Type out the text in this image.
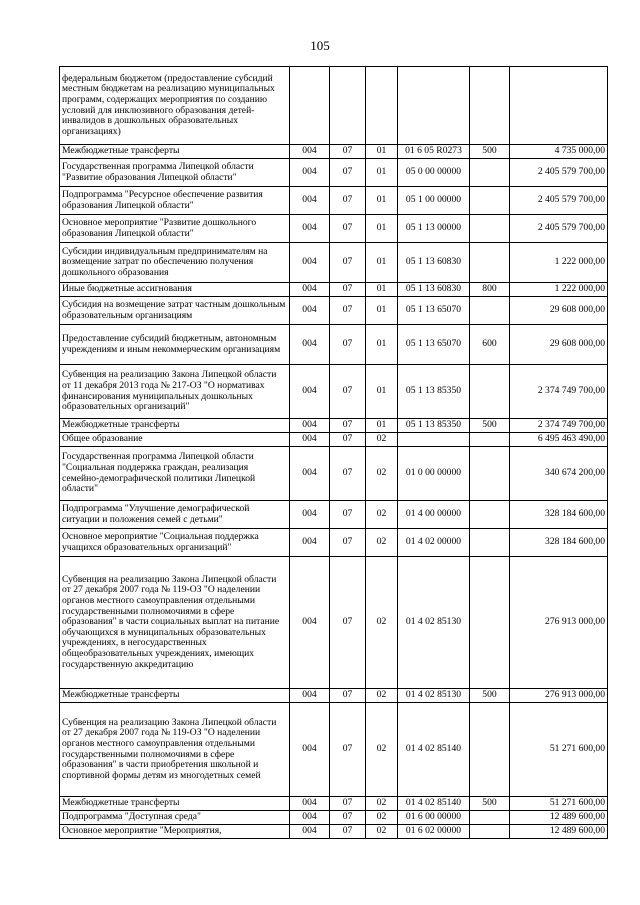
105
федеральным бюджетом (предоставление субсидий местным бюджетам на реализацию муниципальных программ, содержащих мероприятия по созданию условий для инклюзивного образования детей-инвалидов в дошкольных образовательных организациях)						
Межбюджетные трансферты	004	07	01	01 6 05 R0273	500	4 735 000,00
Государственная программа Липецкой области "Развитие образования Липецкой области"	004	07	01	05 0 00 00000		2 405 579 700,00
Подпрограмма "Ресурсное обеспечение развития образования Липецкой области"	004	07	01	05 1 00 00000		2 405 579 700,00
Основное мероприятие "Развитие дошкольного образования Липецкой области"	004	07	01	05 1 13 00000		2 405 579 700,00
Субсидии индивидуальным предпринимателям на возмещение затрат по обеспечению получения дошкольного образования	004	07	01	05 1 13 60830		1 222 000,00
Иные бюджетные ассигнования	004	07	01	05 1 13 60830	800	1 222 000,00
Субсидия на возмещение затрат частным дошкольным образовательным организациям	004	07	01	05 1 13 65070		29 608 000,00
Предоставление субсидий бюджетным, автономным учреждениям и иным некоммерческим организациям	004	07	01	05 1 13 65070	600	29 608 000,00
Субвенция на реализацию Закона Липецкой области от 11 декабря 2013 года № 217-ОЗ "О нормативах финансирования муниципальных дошкольных образовательных организаций"	004	07	01	05 1 13 85350		2 374 749 700,00
Межбюджетные трансферты	004	07	01	05 1 13 85350	500	2 374 749 700,00
Общее образование	004	07	02			6 495 463 490,00
Государственная программа Липецкой области "Социальная поддержка граждан, реализация семейно-демографической политики Липецкой области"	004	07	02	01 0 00 00000		340 674 200,00
Подпрограмма "Улучшение демографической ситуации и положения семей с детьми"	004	07	02	01 4 00 00000		328 184 600,00
Основное мероприятие "Социальная поддержка учащихся образовательных организаций"	004	07	02	01 4 02 00000		328 184 600,00
Субвенция на реализацию Закона Липецкой области от 27 декабря 2007 года № 119-ОЗ "О наделении органов местного самоуправления отдельными государственными полномочиями в сфере образования" в части социальных выплат на питание обучающихся в муниципальных образовательных учреждениях, в негосударственных общеобразовательных учреждениях, имеющих государственную аккредитацию	004	07	02	01 4 02 85130		276 913 000,00
Межбюджетные трансферты	004	07	02	01 4 02 85130	500	276 913 000,00
Субвенция на реализацию Закона Липецкой области от 27 декабря 2007 года № 119-ОЗ "О наделении органов местного самоуправления отдельными государственными полномочиями в сфере образования" в части приобретения школьной и спортивной формы детям из многодетных семей	004	07	02	01 4 02 85140		51 271 600,00
Межбюджетные трансферты	004	07	02	01 4 02 85140	500	51 271 600,00
Подпрограмма "Доступная среда"	004	07	02	01 6 00 00000		12 489 600,00
Основное мероприятие "Мероприятия,	004	07	02	01 6 02 00000		12 489 600,00
